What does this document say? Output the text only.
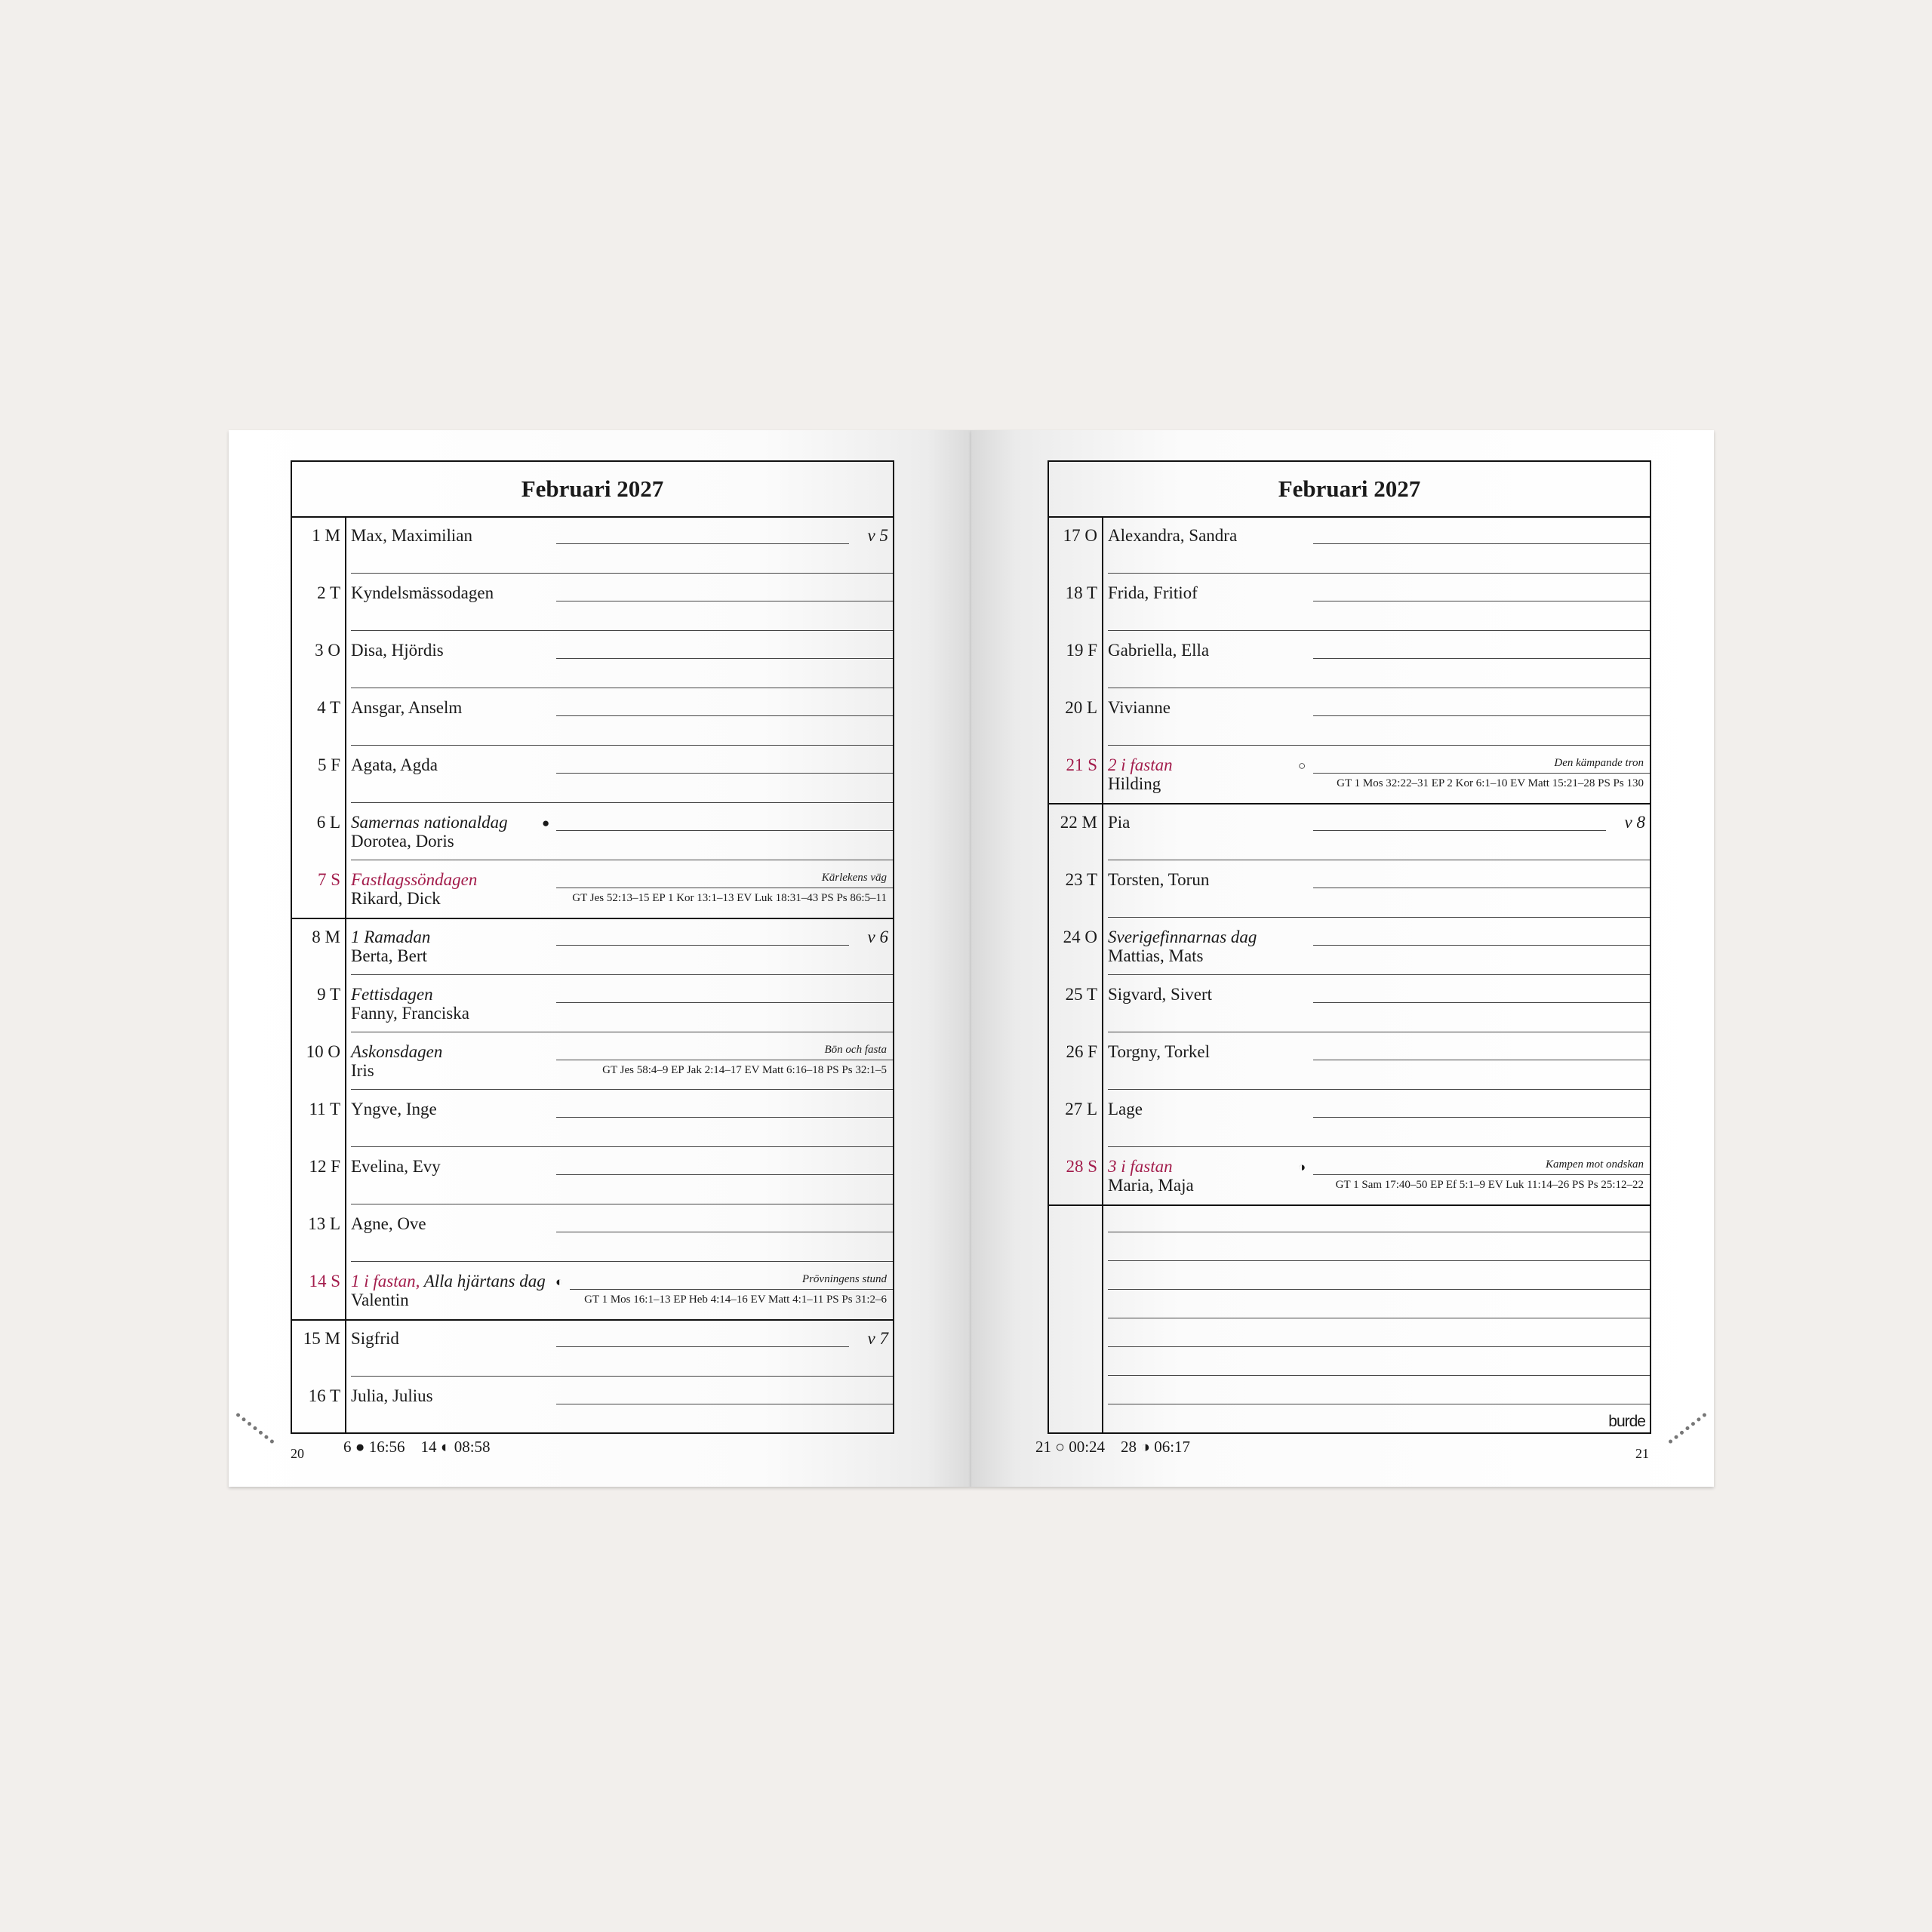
Februari 2027
1 M Max, Maximilian	v 5
2 T Kyndelsmässodagen
3 O Disa, Hjördis
4 T Ansgar, Anselm
5 F Agata, Agda
6 L Samernas nationaldag
Dorotea, Doris
●
7 S Fastlagssöndagen
Rikard, Dick
Kärlekens väg
GT Jes 52:13–15 EP 1 Kor 13:1–13 EV Luk 18:31–43 PS Ps 86:5–11
8 M 1 Ramadan
Berta, Bert
v 6
9 T Fettisdagen
Fanny, Franciska
10 O Askonsdagen
Iris
Bön och fasta
GT Jes 58:4–9 EP Jak 2:14–17 EV Matt 6:16–18 PS Ps 32:1–5
11 T Yngve, Inge
12 F Evelina, Evy
13 L Agne, Ove
14 S 1 i fastan, Alla hjärtans dag
Valentin
◐	Prövningens stund
GT 1 Mos 16:1–13 EP Heb 4:14–16 EV Matt 4:1–11 PS Ps 31:2–6
15 M Sigfrid	v 7
16 T Julia, Julius
20 6 ● 16:56 14 ◐ 08:58
Februari 2027
17 O Alexandra, Sandra
18 T Frida, Fritiof
19 F Gabriella, Ella
20 L Vivianne
21 S 2 i fastan
Hilding
○	Den kämpande tron
GT 1 Mos 32:22–31 EP 2 Kor 6:1–10 EV Matt 15:21–28 PS Ps 130
22 M Pia	v 8
23 T Torsten, Torun
24 O Sverigefinnarnas dag
Mattias, Mats
25 T Sigvard, Sivert
26 F Torgny, Torkel
27 L Lage
28 S 3 i fastan
Maria, Maja
◑	Kampen mot ondskan
GT 1 Sam 17:40–50 EP Ef 5:1–9 EV Luk 11:14–26 PS Ps 25:12–22
burde
21 ○ 00:24 28 ◑ 06:17	21
